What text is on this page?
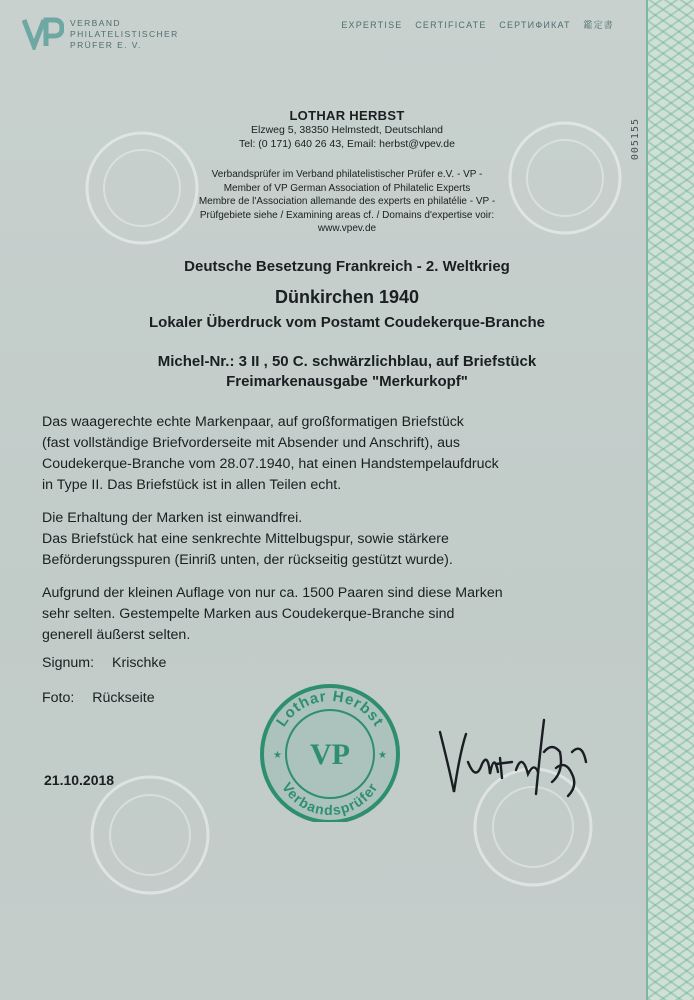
005155
VERBAND
PHILATELISTISCHER
PRÜFER E. V.
EXPERTISE CERTIFICATE СЕРТИФИКАТ 鑑定書
LOTHAR HERBST
Elzweg 5, 38350 Helmstedt, Deutschland
Tel: (0 171) 640 26 43, Email: herbst@vpev.de
Verbandsprüfer im Verband philatelistischer Prüfer e.V. - VP -
Member of VP German Association of Philatelic Experts
Membre de l'Association allemande des experts en philatélie - VP -
Prüfgebiete siehe / Examining areas cf. / Domains d'expertise voir:
www.vpev.de
Deutsche Besetzung Frankreich - 2. Weltkrieg
Dünkirchen 1940
Lokaler Überdruck vom Postamt Coudekerque-Branche
Michel-Nr.: 3 II , 50 C. schwärzlichblau, auf Briefstück
Freimarkenausgabe "Merkurkopf"
Das waagerechte echte Markenpaar, auf großformatigen Briefstück
(fast vollständige Briefvorderseite mit Absender und Anschrift), aus
Coudekerque-Branche vom 28.07.1940, hat einen Handstempelaufdruck
in Type II. Das Briefstück ist in allen Teilen echt.
Die Erhaltung der Marken ist einwandfrei.
Das Briefstück hat eine senkrechte Mittelbugspur, sowie stärkere
Beförderungsspuren (Einriß unten, der rückseitig gestützt wurde).
Aufgrund der kleinen Auflage von nur ca. 1500 Paaren sind diese Marken
sehr selten. Gestempelte Marken aus Coudekerque-Branche sind
generell äußerst selten.
Signum: Krischke
Foto: Rückseite
21.10.2018
Lothar Herbst
Verbandsprüfer
VP
★	★
